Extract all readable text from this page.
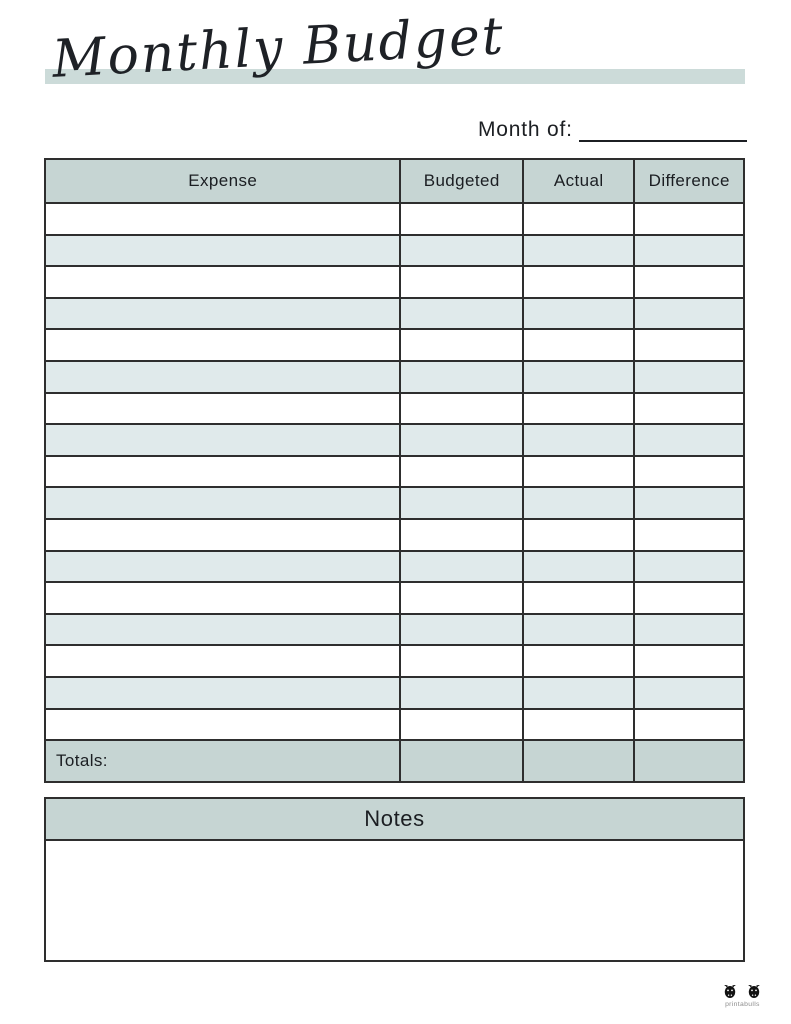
Monthly Budget
Month of:
Expense	Budgeted	Actual	Difference
Totals:
Notes
printabulls
